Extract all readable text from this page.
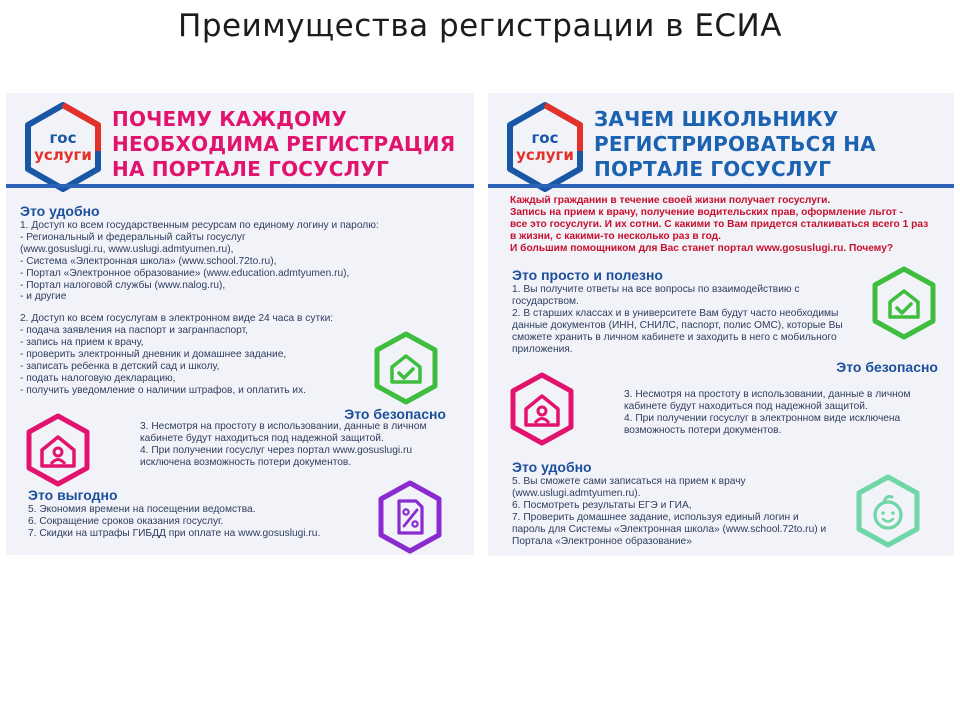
Преимущества регистрации в ЕСИА
гос
услуги
ПОЧЕМУ КАЖДОМУ
НЕОБХОДИМА РЕГИСТРАЦИЯ
НА ПОРТАЛЕ ГОСУСЛУГ
Это удобно
1. Доступ ко всем государственным ресурсам по единому логину и паролю:
- Региональный и федеральный сайты госуслуг
(www.gosuslugi.ru, www.uslugi.admtyumen.ru),
- Система «Электронная школа» (www.school.72to.ru),
- Портал «Электронное образование» (www.education.admtyumen.ru),
- Портал налоговой службы (www.nalog.ru),
- и другие
2. Доступ ко всем госуслугам в электронном виде 24 часа в сутки:
- подача заявления на паспорт и загранпаспорт,
- запись на прием к врачу,
- проверить электронный дневник и домашнее задание,
- записать ребенка в детский сад и школу,
- подать налоговую декларацию,
- получить уведомление о наличии штрафов, и оплатить их.
Это безопасно
3. Несмотря на простоту в использовании, данные в личном
кабинете будут находиться под надежной защитой.
4. При получении госуслуг через портал www.gosuslugi.ru
исключена возможность потери документов.
Это выгодно
5. Экономия времени на посещении ведомства.
6. Сокращение сроков оказания госуслуг.
7. Скидки на штрафы ГИБДД при оплате на www.gosuslugi.ru.
гос
услуги
ЗАЧЕМ ШКОЛЬНИКУ
РЕГИСТРИРОВАТЬСЯ НА
ПОРТАЛЕ ГОСУСЛУГ
Каждый гражданин в течение своей жизни получает госуслуги.
Запись на прием к врачу, получение водительских прав, оформление льгот -
все это госуслуги. И их сотни. С какими то Вам придется сталкиваться всего 1 раз
в жизни, с какими-то несколько раз в год.
И большим помощником для Вас станет портал www.gosuslugi.ru. Почему?
Это просто и полезно
1. Вы получите ответы на все вопросы по взаимодействию с
государством.
2. В старших классах и в университете Вам будут часто необходимы
данные документов (ИНН, СНИЛС, паспорт, полис ОМС), которые Вы
сможете хранить в личном кабинете и заходить в него с мобильного
приложения.
Это безопасно
3. Несмотря на простоту в использовании, данные в личном
кабинете будут находиться под надежной защитой.
4. При получении госуслуг в электронном виде исключена
возможность потери документов.
Это удобно
5. Вы сможете сами записаться на прием к врачу
(www.uslugi.admtyumen.ru).
6. Посмотреть результаты ЕГЭ и ГИА,
7. Проверить домашнее задание, используя единый логин и
пароль для Системы «Электронная школа» (www.school.72to.ru) и
Портала «Электронное образование»
